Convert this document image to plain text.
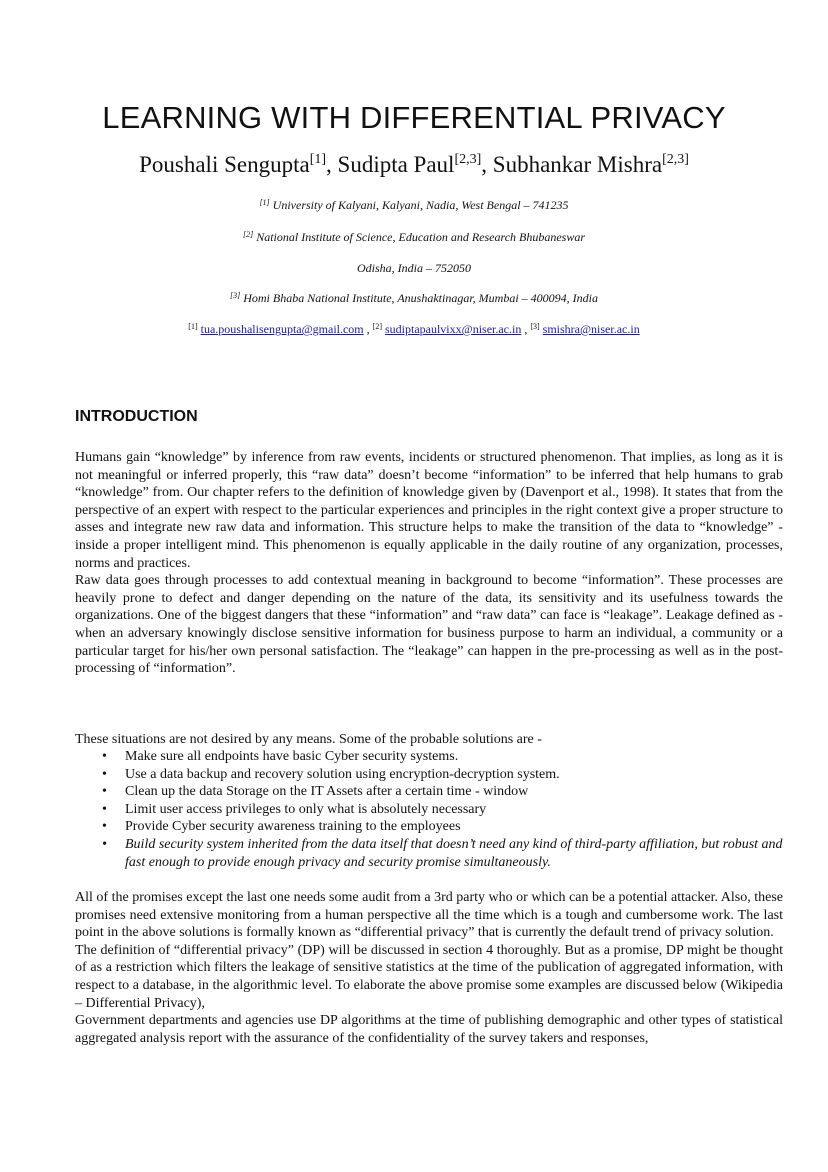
LEARNING WITH DIFFERENTIAL PRIVACY
Poushali Sengupta[1], Sudipta Paul[2,3], Subhankar Mishra[2,3]
[1] University of Kalyani, Kalyani, Nadia, West Bengal – 741235
[2] National Institute of Science, Education and Research Bhubaneswar
Odisha, India – 752050
[3] Homi Bhaba National Institute, Anushaktinagar, Mumbai – 400094, India
[1] tua.poushalisengupta@gmail.com , [2] sudiptapaulvixx@niser.ac.in , [3] smishra@niser.ac.in
INTRODUCTION

Humans gain “knowledge” by inference from raw events, incidents or structured phenomenon. That implies, as long as it is not meaningful or inferred properly, this “raw data” doesn’t become “information” to be inferred that help humans to grab “knowledge” from. Our chapter refers to the definition of knowledge given by (Davenport et al., 1998). It states that from the perspective of an expert with respect to the particular experiences and principles in the right context give a proper structure to asses and integrate new raw data and information. This structure helps to make the transition of the data to “knowledge” - inside a proper intelligent mind. This phenomenon is equally applicable in the daily routine of any organization, processes, norms and practices.

Raw data goes through processes to add contextual meaning in background to become “information”. These processes are heavily prone to defect and danger depending on the nature of the data, its sensitivity and its usefulness towards the organizations. One of the biggest dangers that these “information” and “raw data” can face is “leakage”. Leakage defined as - when an adversary knowingly disclose sensitive information for business purpose to harm an individual, a community or a particular target for his/her own personal satisfaction. The “leakage” can happen in the pre-processing as well as in the post- processing of “information”.

These situations are not desired by any means. Some of the probable solutions are -

• Make sure all endpoints have basic Cyber security systems.
• Use a data backup and recovery solution using encryption-decryption system.
• Clean up the data Storage on the IT Assets after a certain time - window
• Limit user access privileges to only what is absolutely necessary
• Provide Cyber security awareness training to the employees
• Build security system inherited from the data itself that doesn’t need any kind of third-party affiliation, but robust and fast enough to provide enough privacy and security promise simultaneously.

All of the promises except the last one needs some audit from a 3rd party who or which can be a potential attacker. Also, these promises need extensive monitoring from a human perspective all the time which is a tough and cumbersome work. The last point in the above solutions is formally known as “differential privacy” that is currently the default trend of privacy solution.

The definition of “differential privacy” (DP) will be discussed in section 4 thoroughly. But as a promise, DP might be thought of as a restriction which filters the leakage of sensitive statistics at the time of the publication of aggregated information, with respect to a database, in the algorithmic level. To elaborate the above promise some examples are discussed below (Wikipedia – Differential Privacy),

Government departments and agencies use DP algorithms at the time of publishing demographic and other types of statistical aggregated analysis report with the assurance of the confidentiality of the survey takers and responses,
